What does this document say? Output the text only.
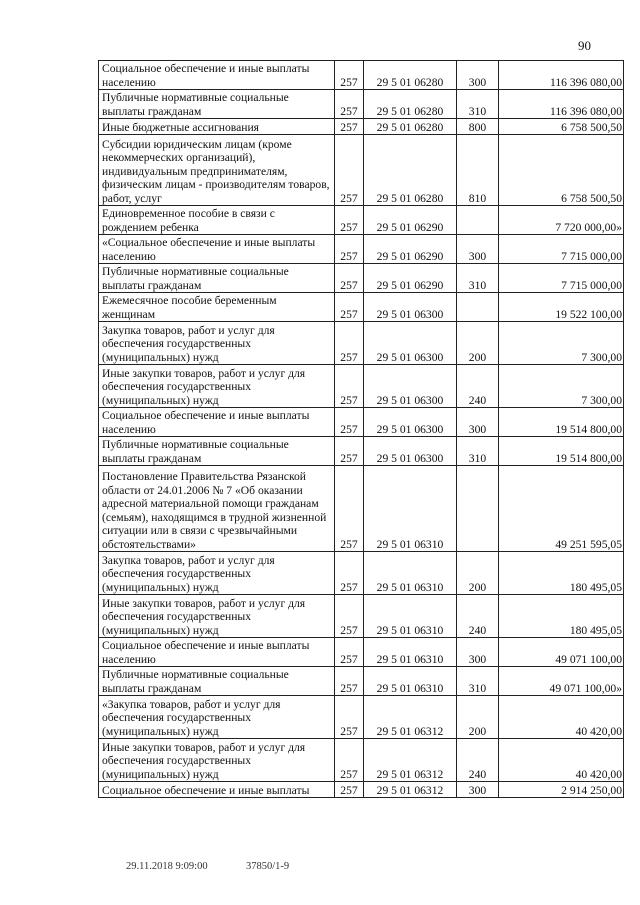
90
Социальное обеспечение и иные выплаты населению	257	29 5 01 06280	300	116 396 080,00
Публичные нормативные социальные выплаты гражданам	257	29 5 01 06280	310	116 396 080,00
Иные бюджетные ассигнования	257	29 5 01 06280	800	6 758 500,50
Субсидии юридическим лицам (кроме некоммерческих организаций), индивидуальным предпринимателям, физическим лицам - производителям товаров, работ, услуг	257	29 5 01 06280	810	6 758 500,50
Единовременное пособие в связи с рождением ребенка	257	29 5 01 06290		7 720 000,00»
«Социальное обеспечение и иные выплаты населению	257	29 5 01 06290	300	7 715 000,00
Публичные нормативные социальные выплаты гражданам	257	29 5 01 06290	310	7 715 000,00
Ежемесячное пособие беременным женщинам	257	29 5 01 06300		19 522 100,00
Закупка товаров, работ и услуг для обеспечения государственных (муниципальных) нужд	257	29 5 01 06300	200	7 300,00
Иные закупки товаров, работ и услуг для обеспечения государственных (муниципальных) нужд	257	29 5 01 06300	240	7 300,00
Социальное обеспечение и иные выплаты населению	257	29 5 01 06300	300	19 514 800,00
Публичные нормативные социальные выплаты гражданам	257	29 5 01 06300	310	19 514 800,00
Постановление Правительства Рязанской области от 24.01.2006 № 7 «Об оказании адресной материальной помощи гражданам (семьям), находящимся в трудной жизненной ситуации или в связи с чрезвычайными обстоятельствами»	257	29 5 01 06310		49 251 595,05
Закупка товаров, работ и услуг для обеспечения государственных (муниципальных) нужд	257	29 5 01 06310	200	180 495,05
Иные закупки товаров, работ и услуг для обеспечения государственных (муниципальных) нужд	257	29 5 01 06310	240	180 495,05
Социальное обеспечение и иные выплаты населению	257	29 5 01 06310	300	49 071 100,00
Публичные нормативные социальные выплаты гражданам	257	29 5 01 06310	310	49 071 100,00»
«Закупка товаров, работ и услуг для обеспечения государственных (муниципальных) нужд	257	29 5 01 06312	200	40 420,00
Иные закупки товаров, работ и услуг для обеспечения государственных (муниципальных) нужд	257	29 5 01 06312	240	40 420,00
Социальное обеспечение и иные выплаты	257	29 5 01 06312	300	2 914 250,00
29.11.2018 9:09:00	37850/1-9
